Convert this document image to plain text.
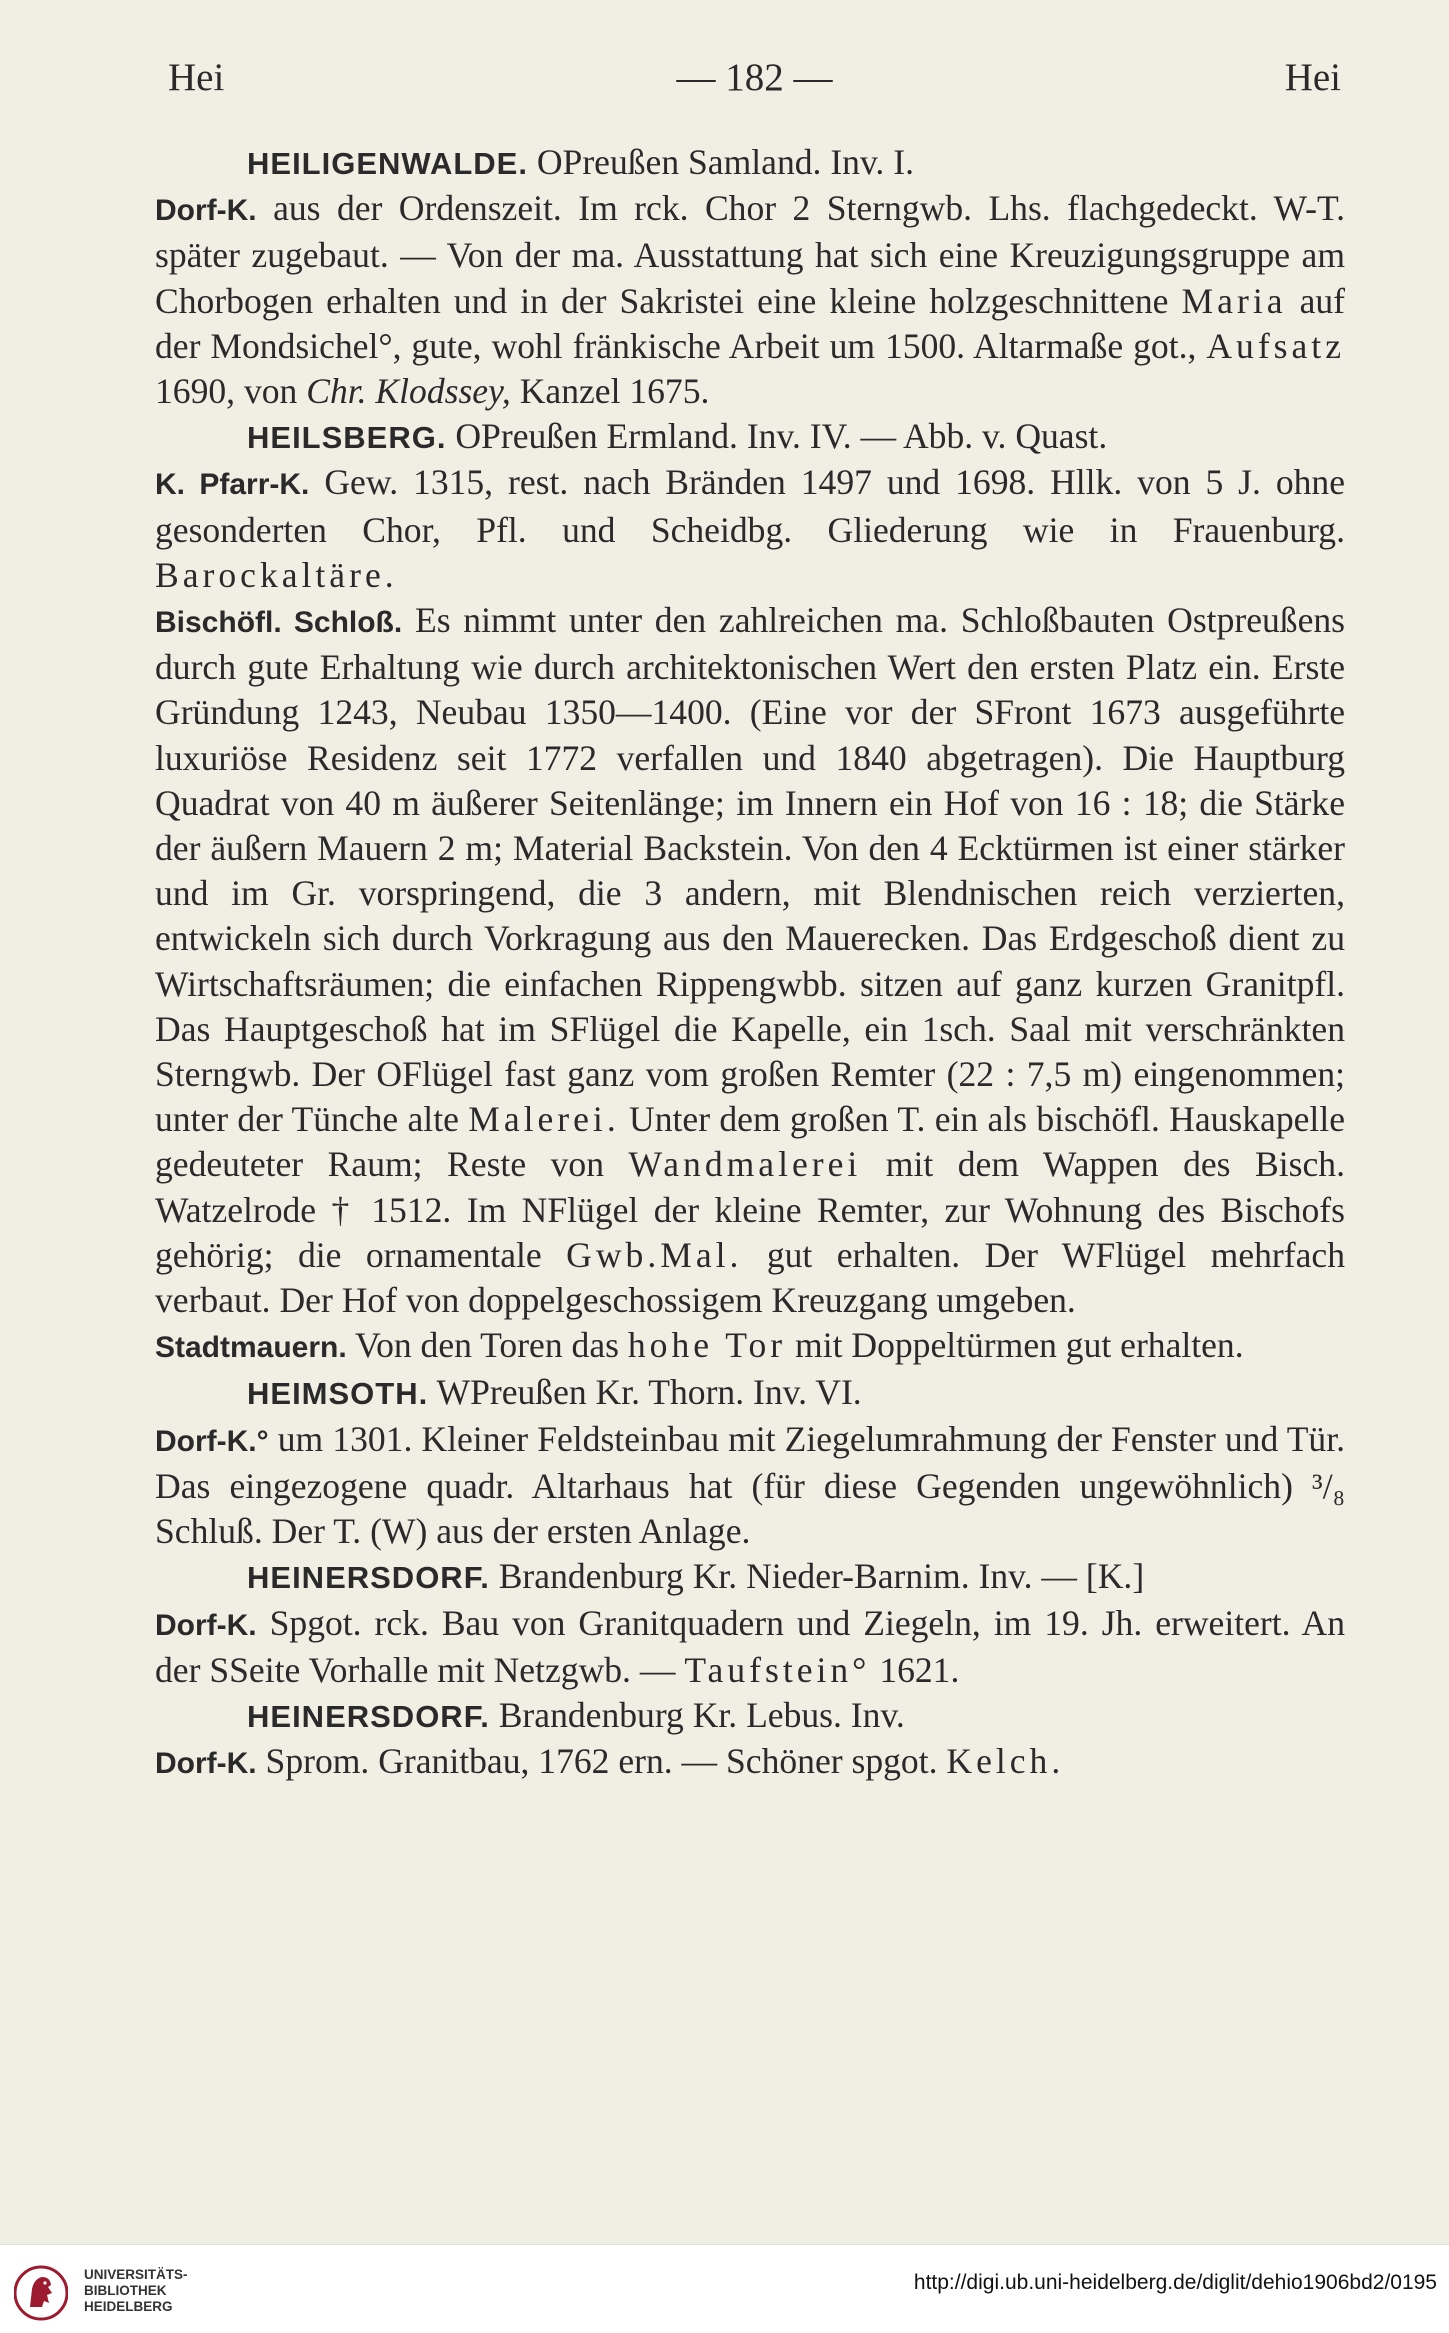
Hei	— 182 —	Hei

HEILIGENWALDE. OPreußen Samland. Inv. I.

Dorf-K. aus der Ordenszeit. Im rck. Chor 2 Sterngwb. Lhs. flachgedeckt. W-T. später zugebaut. — Von der ma. Ausstattung hat sich eine Kreuzigungsgruppe am Chorbogen erhalten und in der Sakristei eine kleine holzgeschnittene Maria auf der Mondsichel°, gute, wohl fränkische Arbeit um 1500. Altarmaße got., Aufsatz 1690, von Chr. Klodssey, Kanzel 1675.

HEILSBERG. OPreußen Ermland. Inv. IV. — Abb. v. Quast.

K. Pfarr-K. Gew. 1315, rest. nach Bränden 1497 und 1698. Hllk. von 5 J. ohne gesonderten Chor, Pfl. und Scheidbg. Gliederung wie in Frauenburg. Barockaltäre.

Bischöfl. Schloß. Es nimmt unter den zahlreichen ma. Schloßbauten Ostpreußens durch gute Erhaltung wie durch architektonischen Wert den ersten Platz ein. Erste Gründung 1243, Neubau 1350—1400. (Eine vor der SFront 1673 ausgeführte luxuriöse Residenz seit 1772 verfallen und 1840 abgetragen). Die Hauptburg Quadrat von 40 m äußerer Seitenlänge; im Innern ein Hof von 16 : 18; die Stärke der äußern Mauern 2 m; Material Backstein. Von den 4 Ecktürmen ist einer stärker und im Gr. vorspringend, die 3 andern, mit Blendnischen reich verzierten, entwickeln sich durch Vorkragung aus den Mauerecken. Das Erdgeschoß dient zu Wirtschaftsräumen; die einfachen Rippengwbb. sitzen auf ganz kurzen Granitpfl. Das Hauptgeschoß hat im SFlügel die Kapelle, ein 1sch. Saal mit verschränkten Sterngwb. Der OFlügel fast ganz vom großen Remter (22 : 7,5 m) eingenommen; unter der Tünche alte Malerei. Unter dem großen T. ein als bischöfl. Hauskapelle gedeuteter Raum; Reste von Wandmalerei mit dem Wappen des Bisch. Watzelrode † 1512. Im NFlügel der kleine Remter, zur Wohnung des Bischofs gehörig; die ornamentale Gwb.Mal. gut erhalten. Der WFlügel mehrfach verbaut. Der Hof von doppelgeschossigem Kreuzgang umgeben.

Stadtmauern. Von den Toren das hohe Tor mit Doppeltürmen gut erhalten.

HEIMSOTH. WPreußen Kr. Thorn. Inv. VI.

Dorf-K.° um 1301. Kleiner Feldsteinbau mit Ziegelumrahmung der Fenster und Tür. Das eingezogene quadr. Altarhaus hat (für diese Gegenden ungewöhnlich) ³/₈ Schluß. Der T. (W) aus der ersten Anlage.

HEINERSDORF. Brandenburg Kr. Nieder-Barnim. Inv. — [K.]

Dorf-K. Spgot. rck. Bau von Granitquadern und Ziegeln, im 19. Jh. erweitert. An der SSeite Vorhalle mit Netzgwb. — Taufstein° 1621.

HEINERSDORF. Brandenburg Kr. Lebus. Inv.

Dorf-K. Sprom. Granitbau, 1762 ern. — Schöner spgot. Kelch.

UNIVERSITÄTS-
BIBLIOTHEK
HEIDELBERG
http://digi.ub.uni-heidelberg.de/diglit/dehio1906bd2/0195
